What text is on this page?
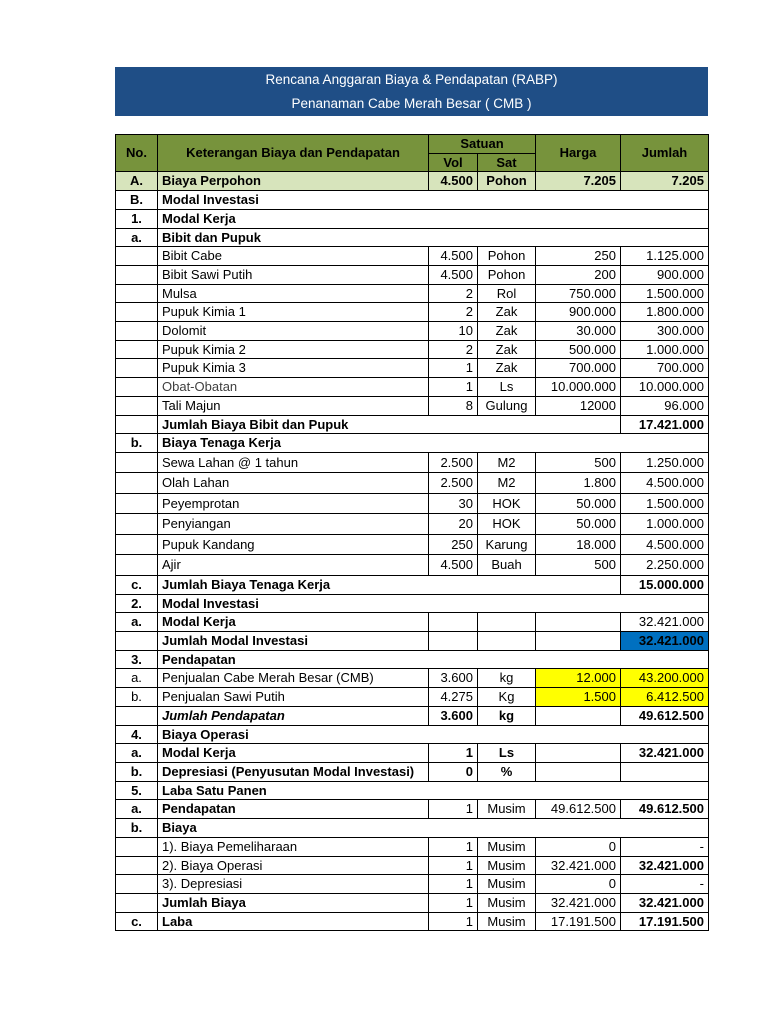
Rencana Anggaran Biaya & Pendapatan (RABP)
Penanaman Cabe Merah Besar ( CMB )
No.	Keterangan Biaya dan Pendapatan	Satuan		Harga	Jumlah
		Vol	Sat		
A.	Biaya Perpohon	4.500	Pohon	7.205	7.205
B.	Modal Investasi				
1.	Modal Kerja				
a.	Bibit dan Pupuk				
	Bibit Cabe	4.500	Pohon	250	1.125.000
	Bibit Sawi Putih	4.500	Pohon	200	900.000
	Mulsa	2	Rol	750.000	1.500.000
	Pupuk Kimia 1	2	Zak	900.000	1.800.000
	Dolomit	10	Zak	30.000	300.000
	Pupuk Kimia 2	2	Zak	500.000	1.000.000
	Pupuk Kimia 3	1	Zak	700.000	700.000
	Obat-Obatan	1	Ls	10.000.000	10.000.000
	Tali Majun	8	Gulung	12000	96.000
	Jumlah Biaya Bibit dan Pupuk				17.421.000
b.	Biaya Tenaga Kerja				
	Sewa Lahan @ 1 tahun	2.500	M2	500	1.250.000
	Olah Lahan	2.500	M2	1.800	4.500.000
	Peyemprotan	30	HOK	50.000	1.500.000
	Penyiangan	20	HOK	50.000	1.000.000
	Pupuk Kandang	250	Karung	18.000	4.500.000
	Ajir	4.500	Buah	500	2.250.000
c.	Jumlah Biaya Tenaga Kerja				15.000.000
2.	Modal Investasi				
a.	Modal Kerja				32.421.000
	Jumlah Modal Investasi				32.421.000
3.	Pendapatan				
a.	Penjualan Cabe Merah Besar (CMB)	3.600	kg	12.000	43.200.000
b.	Penjualan Sawi Putih	4.275	Kg	1.500	6.412.500
	Jumlah Pendapatan	3.600	kg		49.612.500
4.	Biaya Operasi				
a.	Modal Kerja	1	Ls		32.421.000
b.	Depresiasi (Penyusutan Modal Investasi)	0	%		
5.	Laba Satu Panen				
a.	Pendapatan	1	Musim	49.612.500	49.612.500
b.	Biaya				
	1). Biaya Pemeliharaan	1	Musim	0	-
	2). Biaya Operasi	1	Musim	32.421.000	32.421.000
	3). Depresiasi	1	Musim	0	-
	Jumlah Biaya	1	Musim	32.421.000	32.421.000
c.	Laba	1	Musim	17.191.500	17.191.500
